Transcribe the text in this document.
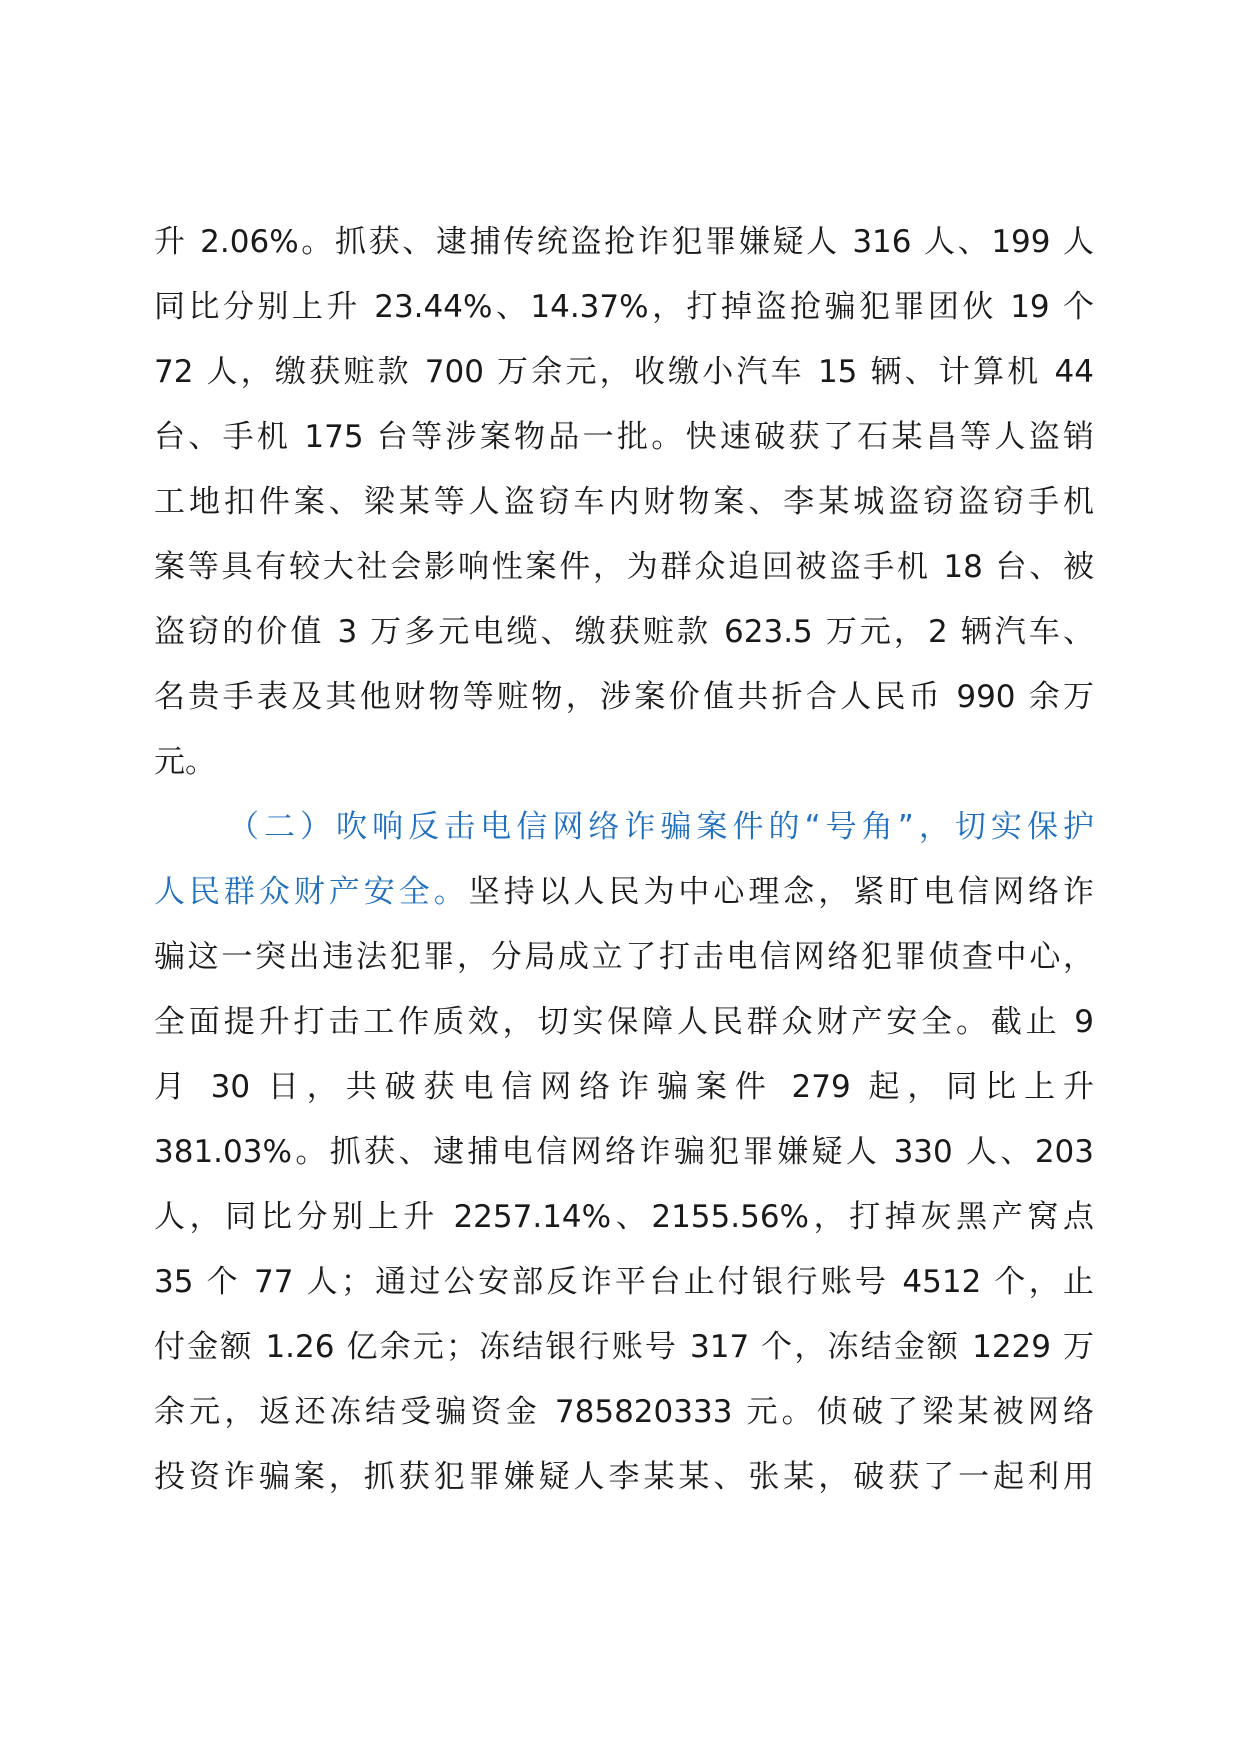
升 2.06%。抓获、逮捕传统盗抢诈犯罪嫌疑人 316 人、199 人
同比分别上升 23.44%、14.37%，打掉盗抢骗犯罪团伙 19 个
72 人，缴获赃款 700 万余元，收缴小汽车 15 辆、计算机 44
台、手机 175 台等涉案物品一批。快速破获了石某昌等人盗销
工地扣件案、梁某等人盗窃车内财物案、李某城盗窃盗窃手机
案等具有较大社会影响性案件，为群众追回被盗手机 18 台、被
盗窃的价值 3 万多元电缆、缴获赃款 623.5 万元，2 辆汽车、
名贵手表及其他财物等赃物，涉案价值共折合人民币 990 余万
元。
（二）吹响反击电信网络诈骗案件的“号角”，切实保护
人民群众财产安全。坚持以人民为中心理念，紧盯电信网络诈
骗这一突出违法犯罪，分局成立了打击电信网络犯罪侦查中心，
全面提升打击工作质效，切实保障人民群众财产安全。截止 9
月 30 日，共破获电信网络诈骗案件 279 起，同比上升
381.03%。抓获、逮捕电信网络诈骗犯罪嫌疑人 330 人、203
人，同比分别上升 2257.14%、2155.56%，打掉灰黑产窝点
35 个 77 人；通过公安部反诈平台止付银行账号 4512 个，止
付金额 1.26 亿余元；冻结银行账号 317 个，冻结金额 1229 万
余元，返还冻结受骗资金 785820333 元。侦破了梁某被网络
投资诈骗案，抓获犯罪嫌疑人李某某、张某，破获了一起利用
